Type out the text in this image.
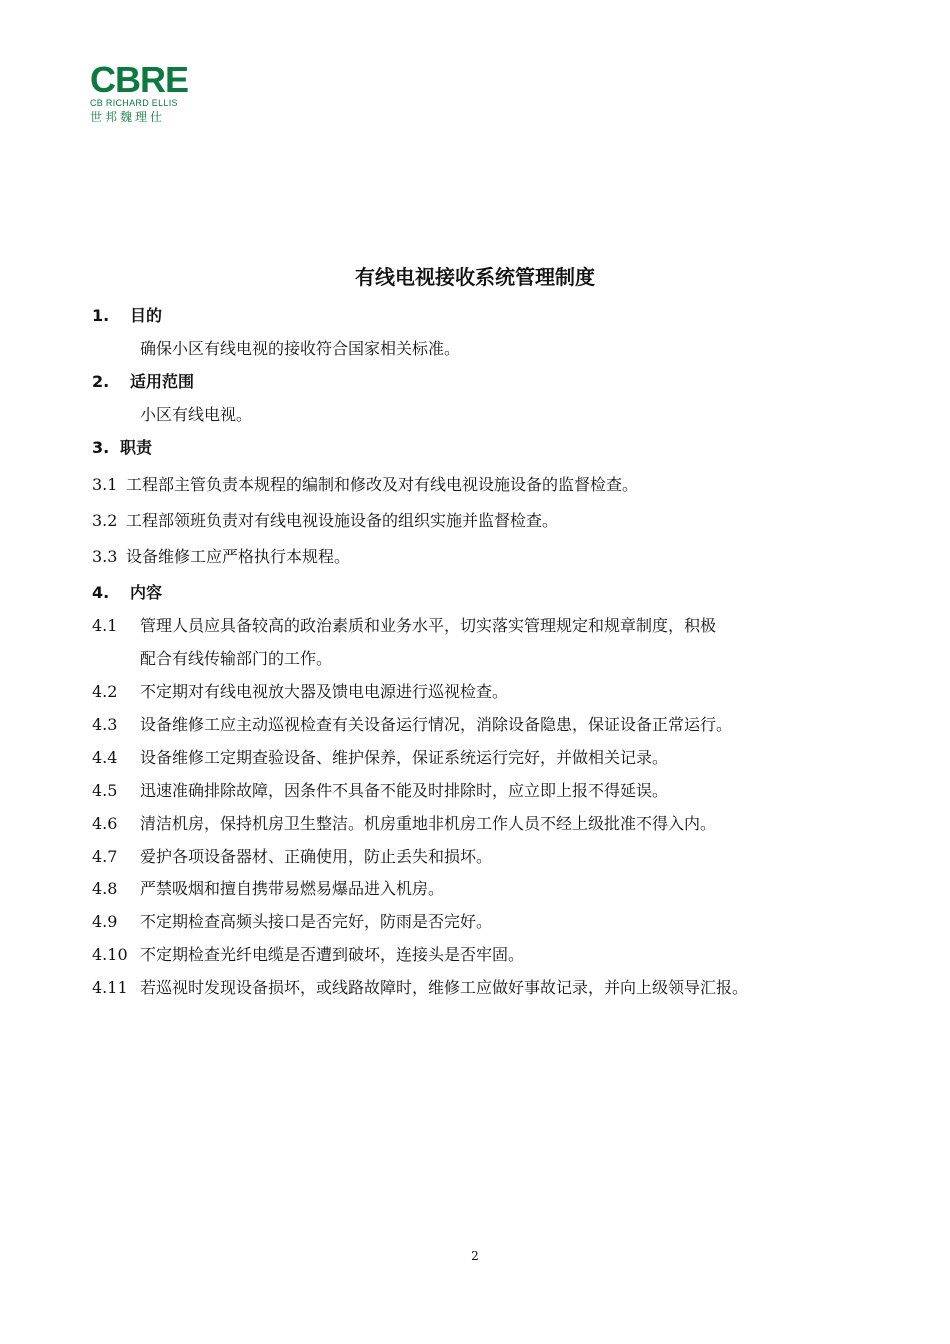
CBRE
CB RICHARD ELLIS
世邦魏理仕
有线电视接收系统管理制度
1. 目的
确保小区有线电视的接收符合国家相关标准。
2. 适用范围
小区有线电视。
3. 职责
3.1 工程部主管负责本规程的编制和修改及对有线电视设施设备的监督检查。
3.2 工程部领班负责对有线电视设施设备的组织实施并监督检查。
3.3 设备维修工应严格执行本规程。
4. 内容
4.1 管理人员应具备较高的政治素质和业务水平，切实落实管理规定和规章制度，积极
配合有线传输部门的工作。
4.2 不定期对有线电视放大器及馈电电源进行巡视检查。
4.3 设备维修工应主动巡视检查有关设备运行情况，消除设备隐患，保证设备正常运行。
4.4 设备维修工定期查验设备、维护保养，保证系统运行完好，并做相关记录。
4.5 迅速准确排除故障，因条件不具备不能及时排除时，应立即上报不得延误。
4.6 清洁机房，保持机房卫生整洁。机房重地非机房工作人员不经上级批准不得入内。
4.7 爱护各项设备器材、正确使用，防止丢失和损坏。
4.8 严禁吸烟和擅自携带易燃易爆品进入机房。
4.9 不定期检查高频头接口是否完好，防雨是否完好。
4.10 不定期检查光纤电缆是否遭到破坏，连接头是否牢固。
4.11 若巡视时发现设备损坏，或线路故障时，维修工应做好事故记录，并向上级领导汇报。
2
